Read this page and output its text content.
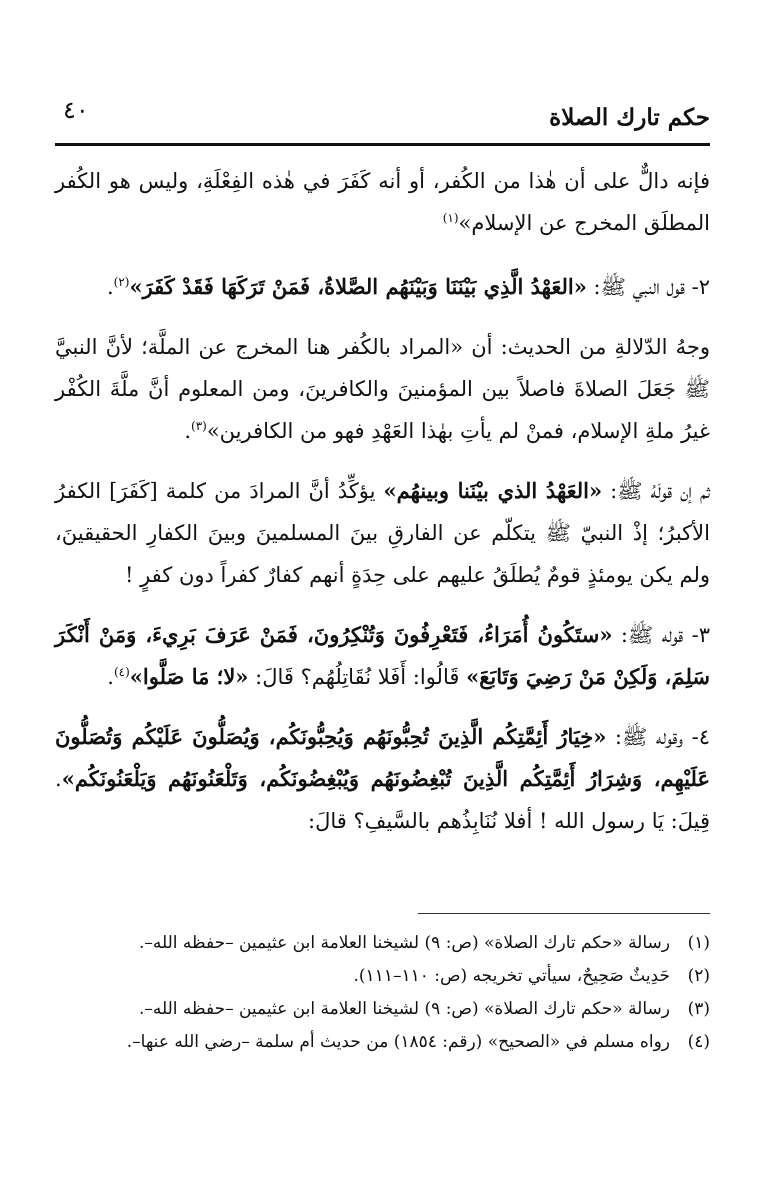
حكم تارك الصلاة
٤٠

فإنه دالٌّ على أن هٰذا من الكُفر، أو أنه كَفَرَ في هٰذه الفِعْلَةِ، وليس هو الكُفر المطلَق المخرج عن الإسلام»$^{(١)}$

٢- قول النبي ﷺ: «العَهْدُ الَّذِي بَيْنَنَا وَبَيْنَهُم الصَّلاةُ، فَمَنْ تَرَكَهَا فَقَدْ كَفَرَ»$^{(٢)}$.

وجهُ الدّلالةِ من الحديث: أن «المراد بالكُفر هنا المخرج عن الملَّة؛ لأنَّ النبيَّ ﷺ جَعَلَ الصلاةَ فاصلاً بين المؤمنينَ والكافرينَ، ومن المعلوم أنَّ ملَّةَ الكُفْر غيرُ ملةِ الإسلام، فمنْ لم يأتِ بهٰذا العَهْدِ فهو من الكافرين»$^{(٣)}$.

ثم إن قولَهُ ﷺ: «العَهْدُ الذي بيْنَنا وبينهُم» يؤكِّدُ أنَّ المرادَ من كلمة [كَفَرَ] الكفرُ الأكبرُ؛ إذْ النبيّ ﷺ يتكلّم عن الفارقِ بينَ المسلمينَ وبينَ الكفارِ الحقيقينَ، ولم يكن يومئذٍ قومٌ يُطلَقُ عليهم على حِدَةٍ أنهم كفارٌ كفراً دون كفرٍ !

٣- قوله ﷺ: «ستَكُونُ أُمَرَاءُ، فَتَعْرِفُونَ وَتُنْكِرُونَ، فَمَنْ عَرَفَ بَرِيءَ، وَمَنْ أَنْكَرَ سَلِمَ، وَلَكِنْ مَنْ رَضِيَ وَتَابَعَ» قَالُوا: أَفَلا نُقَاتِلُهُم؟ قَالَ: «لا؛ مَا صَلَّوا»$^{(٤)}$.

٤- وقوله ﷺ: «خِيَارُ أَئِمَّتِكُم الَّذِينَ تُحِبُّونَهُم وَيُحِبُّونَكُم، وَيُصَلُّونَ عَلَيْكُم وَتُصَلُّونَ عَلَيْهِم، وَشِرَارُ أَئِمَّتِكُم الَّذِينَ تُبْغِضُونَهُم وَيُبْغِضُونَكُم، وَتَلْعَنُونَهُم وَيَلْعَنُونَكُم». قِيلَ: يَا رسول الله ! أفلا نُنَابِذُهم بالسَّيفِ؟ قالَ:

(١)
رسالة «حكم تارك الصلاة» (ص: ٩) لشيخنا العلامة ابن عثيمين –حفظه الله–.
(٢)
حَدِيثٌ صَحِيحٌ، سيأتي تخريجه (ص: ١١٠–١١١).
(٣)
رسالة «حكم تارك الصلاة» (ص: ٩) لشيخنا العلامة ابن عثيمين –حفظه الله–.
(٤)
رواه مسلم في «الصحيح» (رقم: ١٨٥٤) من حديث أم سلمة –رضي الله عنها–.
